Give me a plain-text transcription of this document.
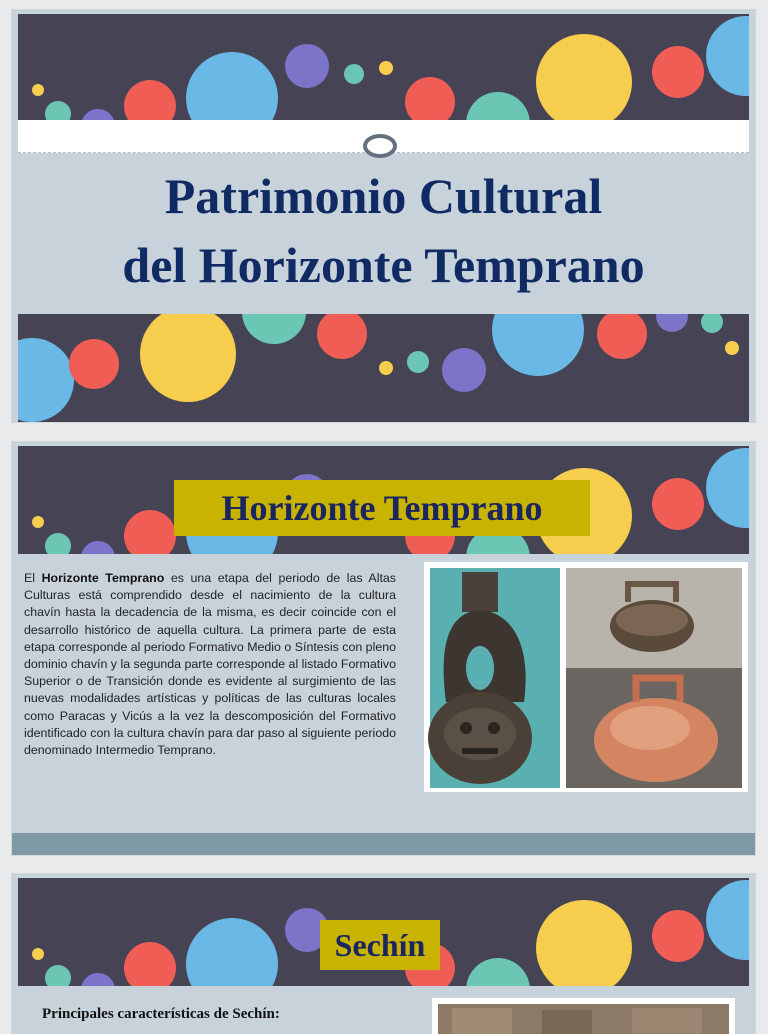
Patrimonio Cultural
del Horizonte Temprano
Horizonte Temprano
El Horizonte Temprano es una etapa del periodo de las Altas Culturas está comprendido desde el nacimiento de la cultura chavín hasta la decadencia de la misma, es decir coincide con el desarrollo histórico de aquella cultura. La primera parte de esta etapa corresponde al periodo Formativo Medio o Síntesis con pleno dominio chavín y la segunda parte corresponde al listado Formativo Superior o de Transición donde es evidente al surgimiento de las nuevas modalidades artísticas y políticas de las culturas locales como Paracas y Vicús a la vez la descomposición del Formativo identificado con la cultura chavín para dar paso al siguiente periodo denominado Intermedio Temprano.
Sechín
Principales características de Sechín:
